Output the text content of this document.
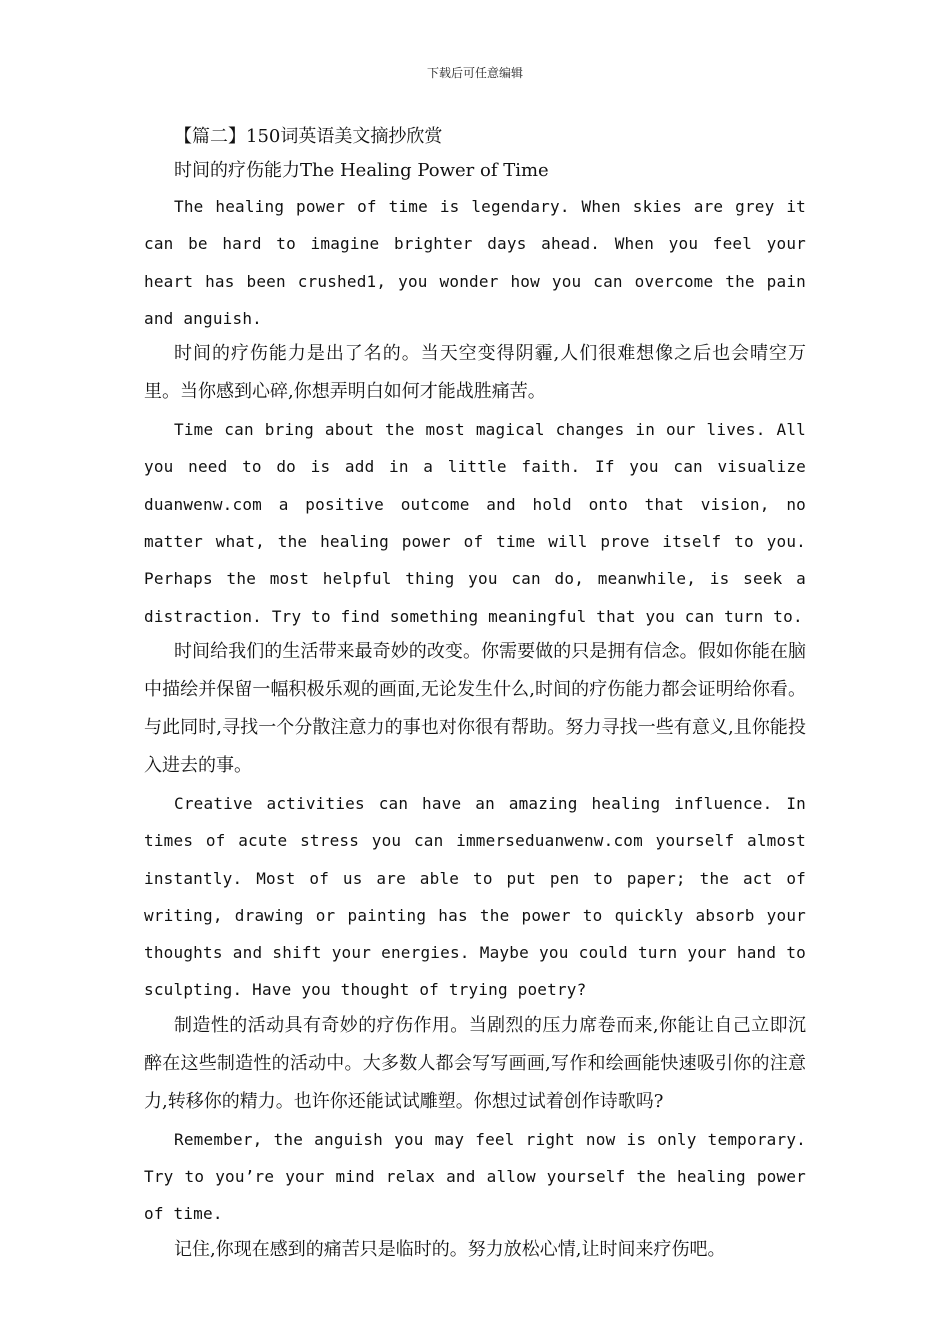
下载后可任意编辑

【篇二】150词英语美文摘抄欣赏

时间的疗伤能力The Healing Power of Time

The healing power of time is legendary. When skies are grey it can be hard to imagine brighter days ahead. When you feel your heart has been crushed1, you wonder how you can overcome the pain and anguish.

时间的疗伤能力是出了名的。当天空变得阴霾,人们很难想像之后也会晴空万里。当你感到心碎,你想弄明白如何才能战胜痛苦。

Time can bring about the most magical changes in our lives. All you need to do is add in a little faith. If you can visualize duanwenw.com a positive outcome and hold onto that vision, no matter what, the healing power of time will prove itself to you. Perhaps the most helpful thing you can do, meanwhile, is seek a distraction. Try to find something meaningful that you can turn to.

时间给我们的生活带来最奇妙的改变。你需要做的只是拥有信念。假如你能在脑中描绘并保留一幅积极乐观的画面,无论发生什么,时间的疗伤能力都会证明给你看。与此同时,寻找一个分散注意力的事也对你很有帮助。努力寻找一些有意义,且你能投入进去的事。

Creative activities can have an amazing healing influence. In times of acute stress you can immerseduanwenw.com yourself almost instantly. Most of us are able to put pen to paper; the act of writing, drawing or painting has the power to quickly absorb your thoughts and shift your energies. Maybe you could turn your hand to sculpting. Have you thought of trying poetry?

制造性的活动具有奇妙的疗伤作用。当剧烈的压力席卷而来,你能让自己立即沉醉在这些制造性的活动中。大多数人都会写写画画,写作和绘画能快速吸引你的注意力,转移你的精力。也许你还能试试雕塑。你想过试着创作诗歌吗?

Remember, the anguish you may feel right now is only temporary. Try to you’re your mind relax and allow yourself the healing power of time.

记住,你现在感到的痛苦只是临时的。努力放松心情,让时间来疗伤吧。
